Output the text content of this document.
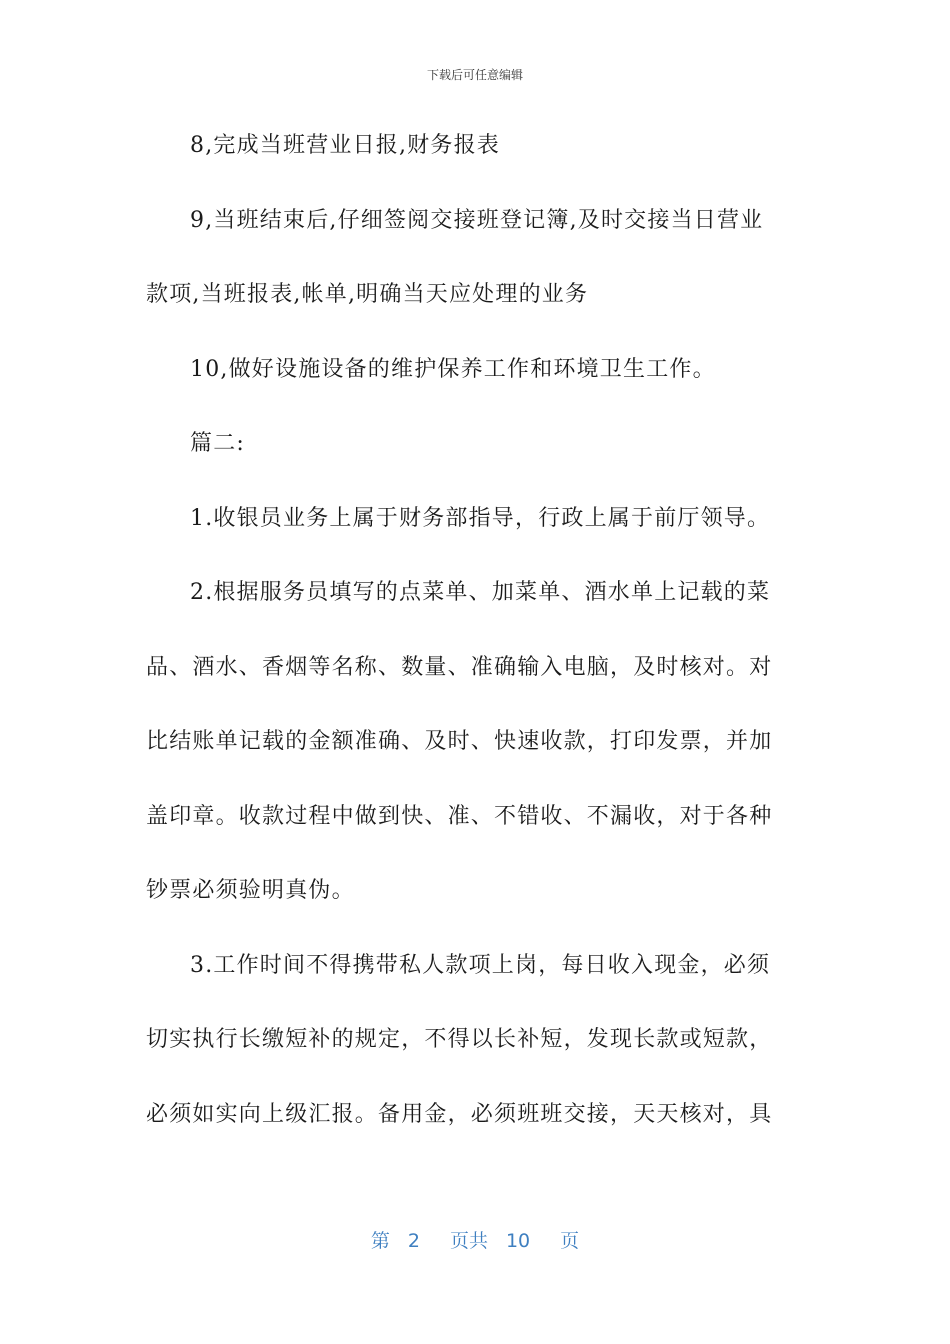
下载后可任意编辑
8,完成当班营业日报,财务报表
9,当班结束后,仔细签阅交接班登记簿,及时交接当日营业
款项,当班报表,帐单,明确当天应处理的业务
10,做好设施设备的维护保养工作和环境卫生工作。
篇二:
1.收银员业务上属于财务部指导，行政上属于前厅领导。
2.根据服务员填写的点菜单、加菜单、酒水单上记载的菜
品、酒水、香烟等名称、数量、准确输入电脑，及时核对。对
比结账单记载的金额准确、及时、快速收款，打印发票，并加
盖印章。收款过程中做到快、准、不错收、不漏收，对于各种
钞票必须验明真伪。
3.工作时间不得携带私人款项上岗，每日收入现金，必须
切实执行长缴短补的规定，不得以长补短，发现长款或短款，
必须如实向上级汇报。备用金，必须班班交接，天天核对，具
第 2 页共 10 页
